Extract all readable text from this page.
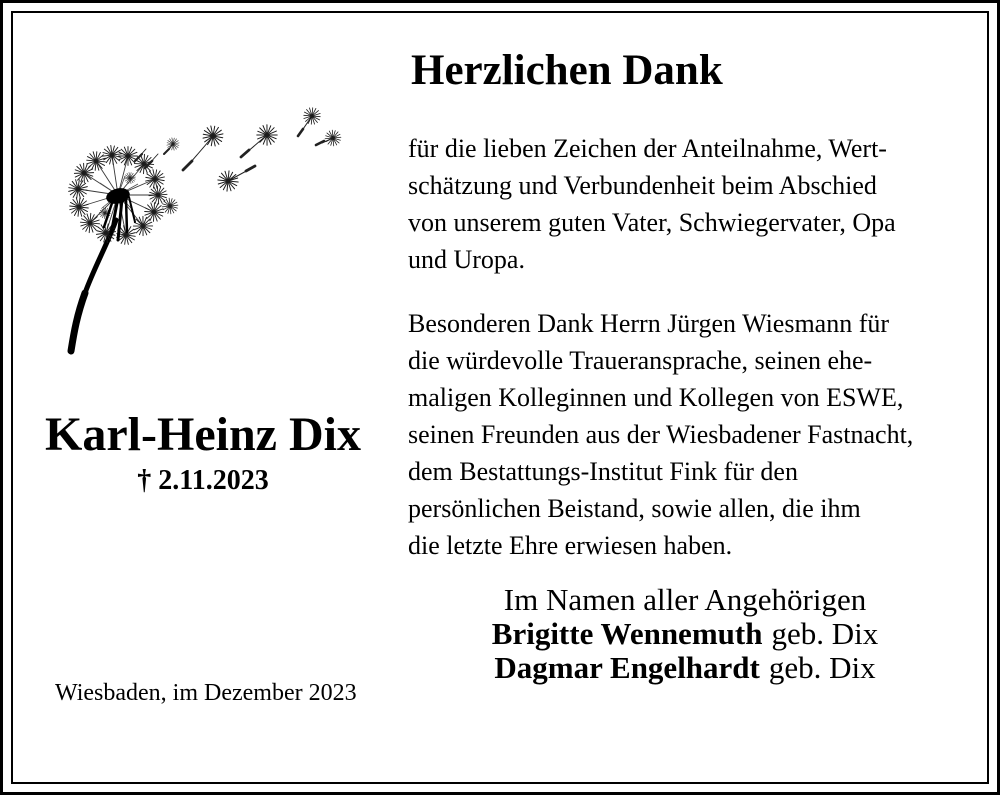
Herzlichen Dank
für die lieben Zeichen der Anteilnahme, Wert-
schätzung und Verbundenheit beim Abschied
von unserem guten Vater, Schwiegervater, Opa
und Uropa.
Besonderen Dank Herrn Jürgen Wiesmann für
die würdevolle Traueransprache, seinen ehe-
maligen Kolleginnen und Kollegen von ESWE,
seinen Freunden aus der Wiesbadener Fastnacht,
dem Bestattungs-Institut Fink für den
persönlichen Beistand, sowie allen, die ihm
die letzte Ehre erwiesen haben.
Karl-Heinz Dix
† 2.11.2023
Im Namen aller Angehörigen
Brigitte Wennemuth geb. Dix
Dagmar Engelhardt geb. Dix
Wiesbaden, im Dezember 2023
